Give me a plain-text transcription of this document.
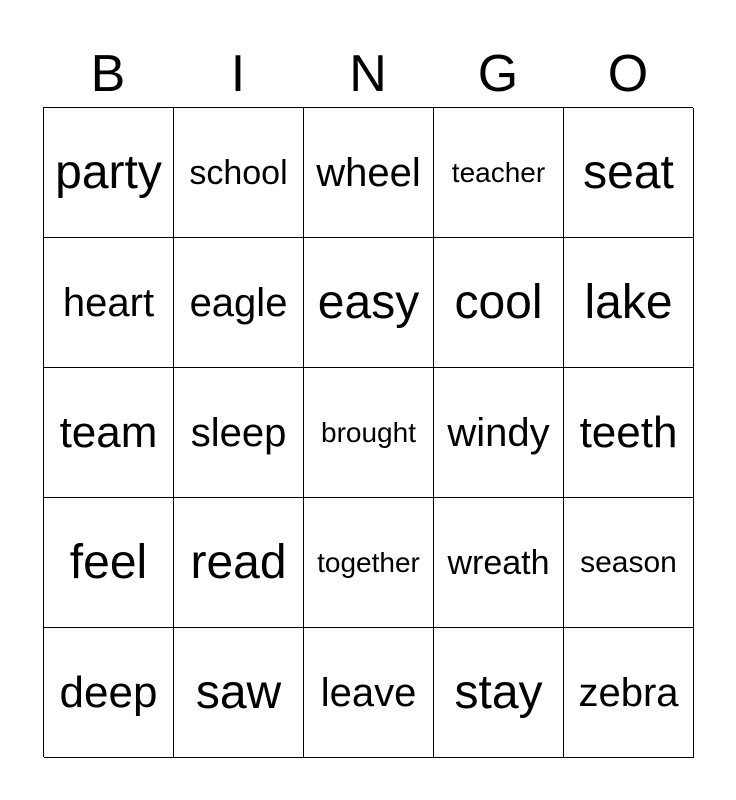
B	I	N	G	O
party school wheel teacher seat
heart eagle easy cool lake
team sleep brought windy teeth
feel read together wreath season
deep saw leave stay zebra
